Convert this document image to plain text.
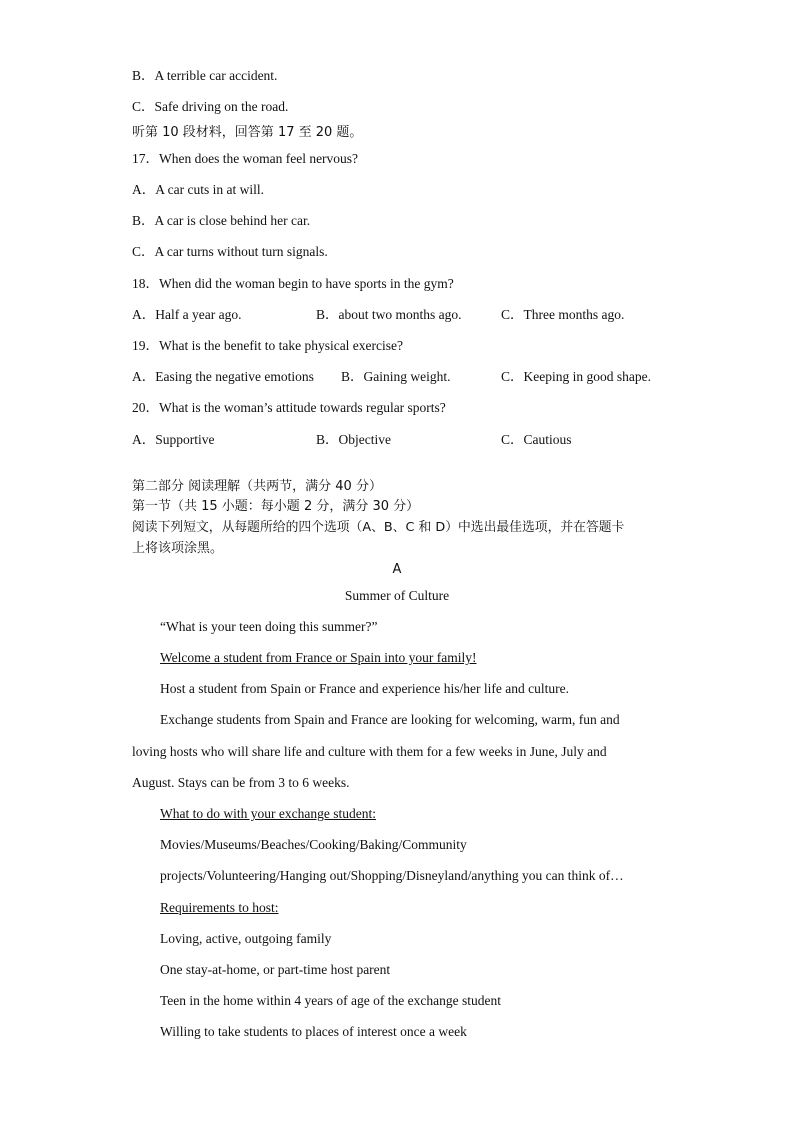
B．A terrible car accident.
C．Safe driving on the road.
听第 10 段材料，回答第 17 至 20 题。
17．When does the woman feel nervous?
A．A car cuts in at will.
B．A car is close behind her car.
C．A car turns without turn signals.
18．When did the woman begin to have sports in the gym?
A．Half a year ago.	B．about two months ago.	C．Three months ago.
19．What is the benefit to take physical exercise?
A．Easing the negative emotions B．Gaining weight.	C．Keeping in good shape.
20．What is the woman’s attitude towards regular sports?
A．Supportive	B．Objective	C．Cautious
第二部分 阅读理解（共两节，满分 40 分）
第一节（共 15 小题：每小题 2 分，满分 30 分）
阅读下列短文，从每题所给的四个选项（A、B、C 和 D）中选出最佳选项，并在答题卡
上将该项涂黑。
A
Summer of Culture
“What is your teen doing this summer?”
Welcome a student from France or Spain into your family!
Host a student from Spain or France and experience his/her life and culture.
Exchange students from Spain and France are looking for welcoming, warm, fun and
loving hosts who will share life and culture with them for a few weeks in June, July and
August. Stays can be from 3 to 6 weeks.
What to do with your exchange student:
Movies/Museums/Beaches/Cooking/Baking/Community
projects/Volunteering/Hanging out/Shopping/Disneyland/anything you can think of…
Requirements to host:
Loving, active, outgoing family
One stay-at-home, or part-time host parent
Teen in the home within 4 years of age of the exchange student
Willing to take students to places of interest once a week
